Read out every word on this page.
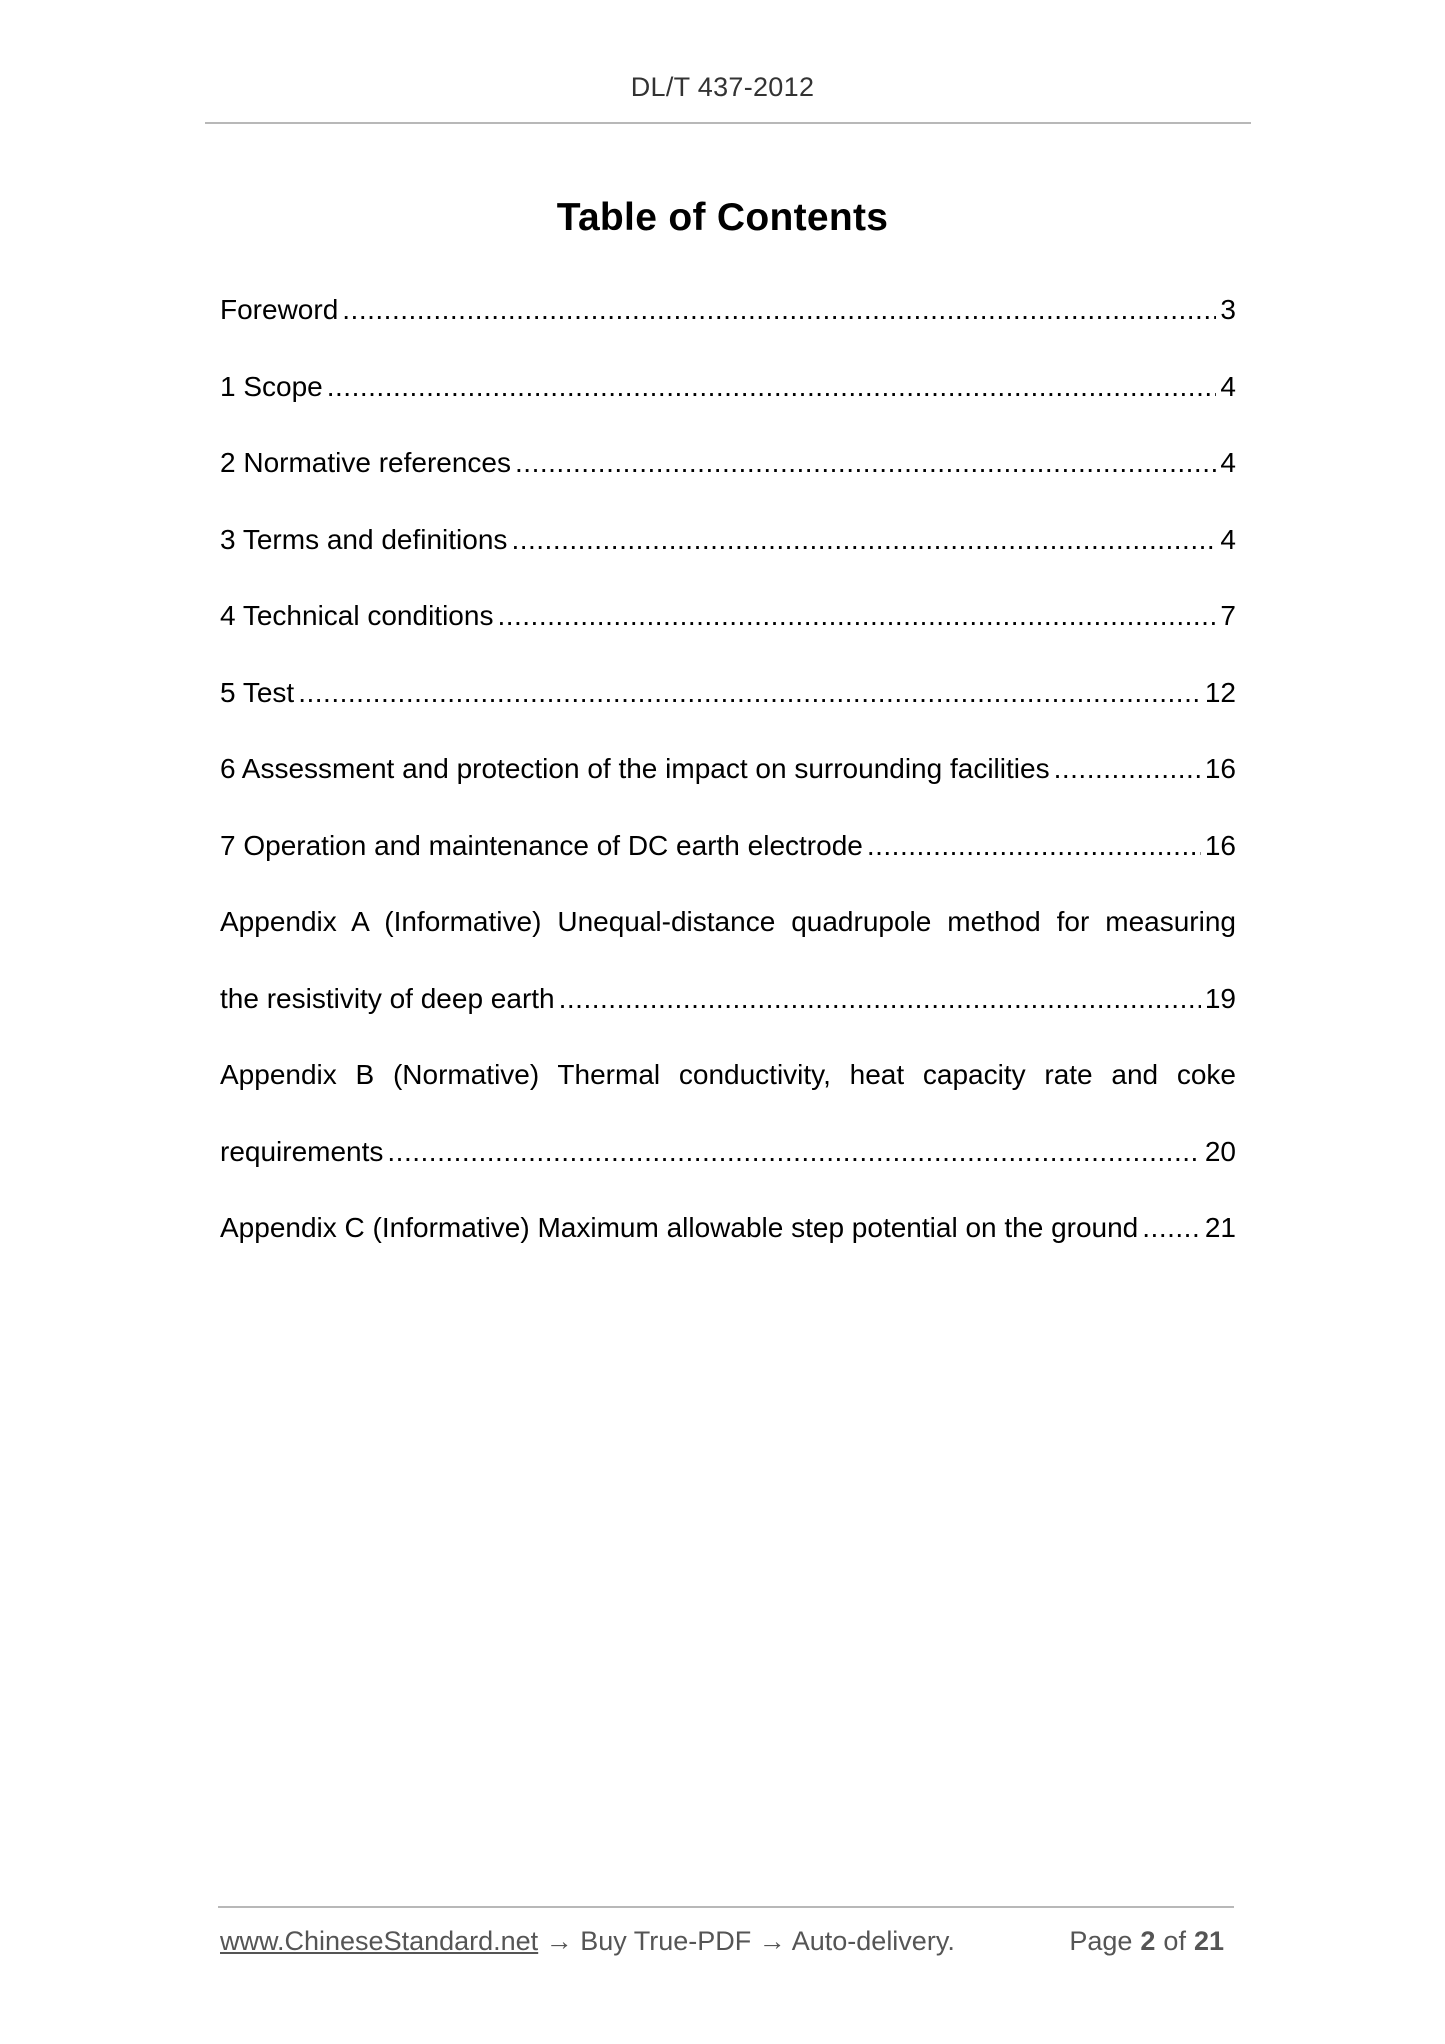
DL/T 437-2012
Table of Contents
Foreword .....	3
1 Scope .....	4
2 Normative references .....	4
3 Terms and definitions .....	4
4 Technical conditions .....	7
5 Test .....	12
6 Assessment and protection of the impact on surrounding facilities .....	16
7 Operation and maintenance of DC earth electrode .....	16
Appendix A (Informative) Unequal-distance quadrupole method for measuring
the resistivity of deep earth .....	19
Appendix B (Normative) Thermal conductivity, heat capacity rate and coke
requirements .....	20
Appendix C (Informative) Maximum allowable step potential on the ground ..... 21
www.ChineseStandard.net → Buy True-PDF → Auto-delivery.	Page 2 of 21
